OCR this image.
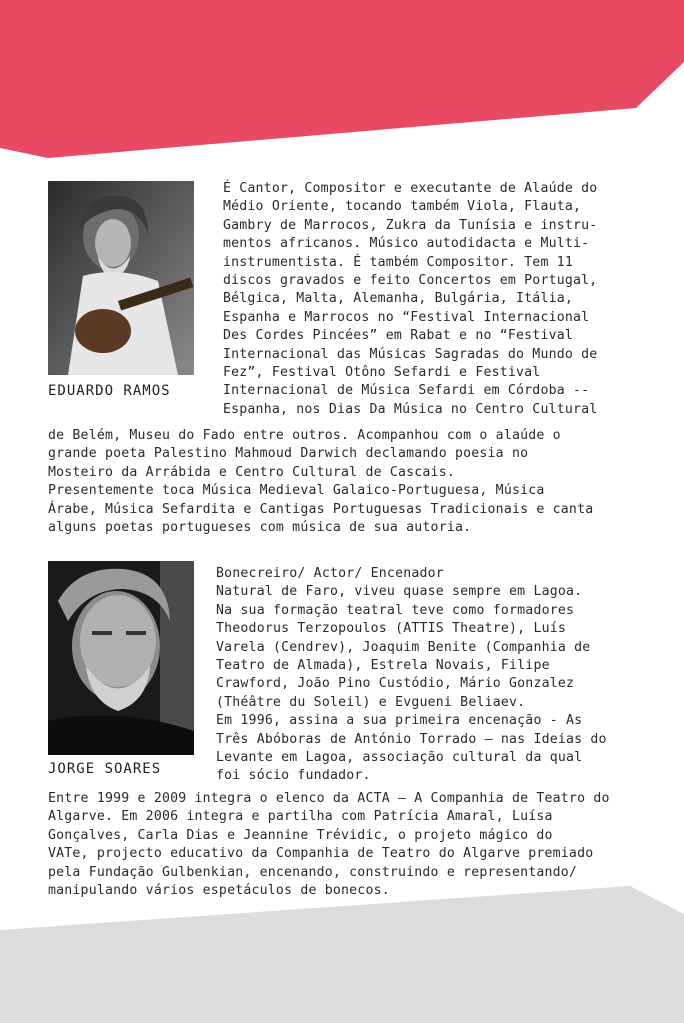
EDUARDO RAMOS
É Cantor, Compositor e executante de Alaúde do
Médio Oriente, tocando também Viola, Flauta,
Gambry de Marrocos, Zukra da Tunísia e instru-
mentos africanos. Músico autodidacta e Multi-
instrumentista. É também Compositor. Tem 11
discos gravados e feito Concertos em Portugal,
Bélgica, Malta, Alemanha, Bulgária, Itália,
Espanha e Marrocos no “Festival Internacional
Des Cordes Pincées” em Rabat e no “Festival
Internacional das Músicas Sagradas do Mundo de
Fez”, Festival Otôno Sefardi e Festival
Internacional de Música Sefardi em Córdoba --
Espanha, nos Dias Da Música no Centro Cultural
de Belém, Museu do Fado entre outros. Acompanhou com o alaúde o
grande poeta Palestino Mahmoud Darwich declamando poesia no
Mosteiro da Arrábida e Centro Cultural de Cascais.
Presentemente toca Música Medieval Galaico-Portuguesa, Música
Árabe, Música Sefardita e Cantigas Portuguesas Tradicionais e canta
alguns poetas portugueses com música de sua autoria.
JORGE SOARES
Bonecreiro/ Actor/ Encenador
Natural de Faro, viveu quase sempre em Lagoa.
Na sua formação teatral teve como formadores
Theodorus Terzopoulos (ATTIS Theatre), Luís
Varela (Cendrev), Joaquim Benite (Companhia de
Teatro de Almada), Estrela Novais, Filipe
Crawford, João Pino Custódio, Mário Gonzalez
(Théâtre du Soleil) e Evgueni Beliaev.
Em 1996, assina a sua primeira encenação - As
Três Abóboras de António Torrado – nas Ideias do
Levante em Lagoa, associação cultural da qual
foi sócio fundador.
Entre 1999 e 2009 integra o elenco da ACTA – A Companhia de Teatro do
Algarve. Em 2006 integra e partilha com Patrícia Amaral, Luísa
Gonçalves, Carla Dias e Jeannine Trévidic, o projeto mágico do
VATe, projecto educativo da Companhia de Teatro do Algarve premiado
pela Fundação Gulbenkian, encenando, construindo e representando/
manipulando vários espetáculos de bonecos.
